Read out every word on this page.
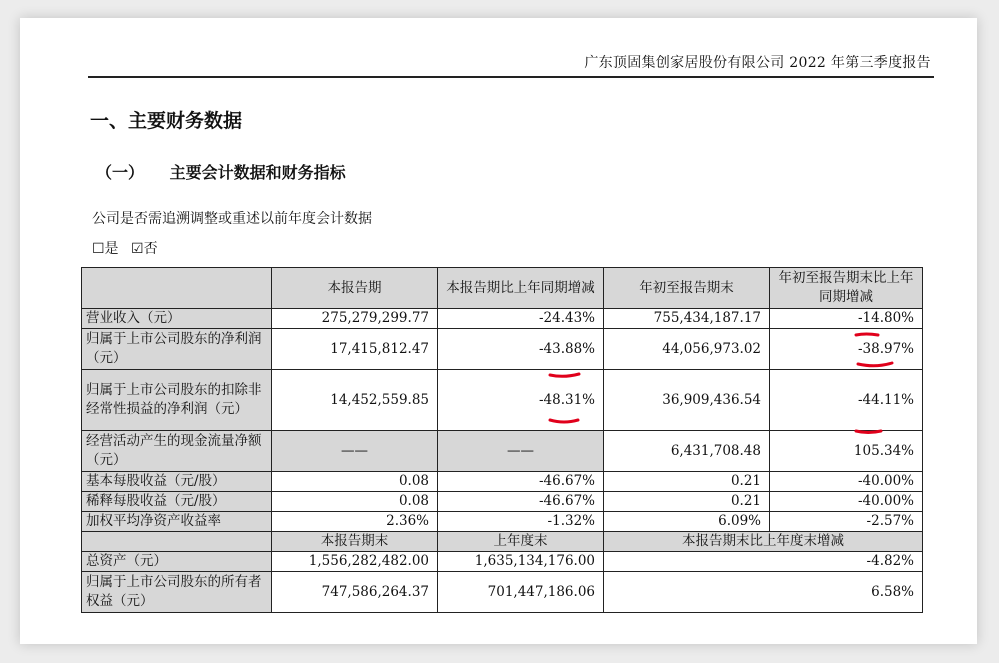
广东顶固集创家居股份有限公司 2022 年第三季度报告
一、主要财务数据
（一） 主要会计数据和财务指标
公司是否需追溯调整或重述以前年度会计数据
☐是 ☑否
	本报告期	本报告期比上年同期增减	年初至报告期末	年初至报告期末比上年同期增减
营业收入（元）	275,279,299.77	-24.43%	755,434,187.17	-14.80%
归属于上市公司股东的净利润（元）	17,415,812.47	-43.88%	44,056,973.02	-38.97%
归属于上市公司股东的扣除非经常性损益的净利润（元）	14,452,559.85	-48.31%	36,909,436.54	-44.11%
经营活动产生的现金流量净额（元）	——	——	6,431,708.48	105.34%
基本每股收益（元/股）	0.08	-46.67%	0.21	-40.00%
稀释每股收益（元/股）	0.08	-46.67%	0.21	-40.00%
加权平均净资产收益率	2.36%	-1.32%	6.09%	-2.57%
	本报告期末	上年度末	本报告期末比上年度末增减	
总资产（元）	1,556,282,482.00	1,635,134,176.00	-4.82%	
归属于上市公司股东的所有者权益（元）	747,586,264.37	701,447,186.06	6.58%	
